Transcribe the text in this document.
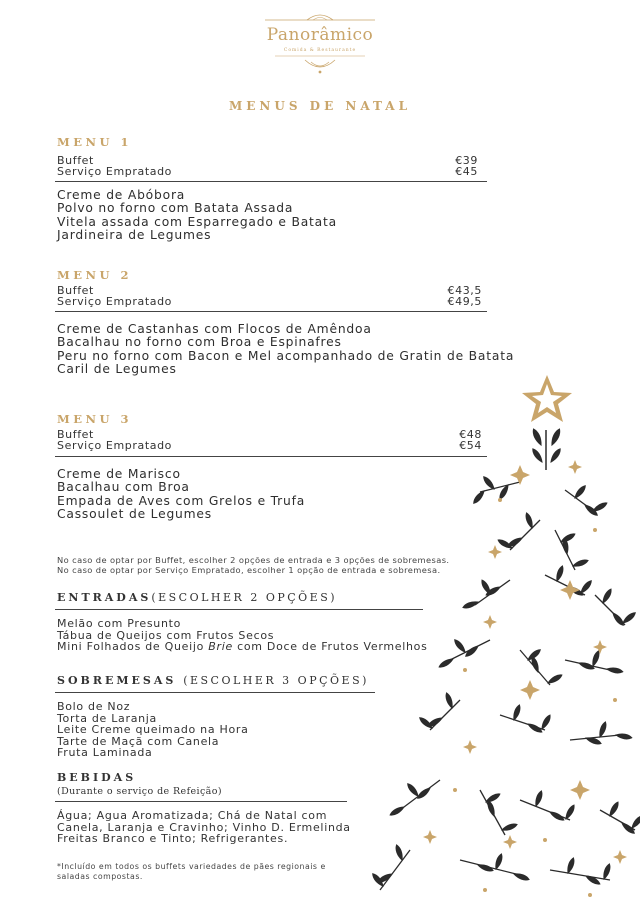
Panorâmico
Comida & Restaurante
MENUS DE NATAL
MENU 1
Buffet	€39
Serviço Empratado	€45
Creme de Abóbora
Polvo no forno com Batata Assada
Vitela assada com Esparregado e Batata
Jardineira de Legumes
MENU 2
Buffet	€43,5
Serviço Empratado	€49,5
Creme de Castanhas com Flocos de Amêndoa
Bacalhau no forno com Broa e Espinafres
Peru no forno com Bacon e Mel acompanhado de Gratin de Batata
Caril de Legumes
MENU 3
Buffet	€48
Serviço Empratado	€54
Creme de Marisco
Bacalhau com Broa
Empada de Aves com Grelos e Trufa
Cassoulet de Legumes
No caso de optar por Buffet, escolher 2 opções de entrada e 3 opções de sobremesas.
No caso de optar por Serviço Empratado, escolher 1 opção de entrada e sobremesa.
ENTRADAS(ESCOLHER 2 OPÇÕES)
Melão com Presunto
Tábua de Queijos com Frutos Secos
Mini Folhados de Queijo Brie com Doce de Frutos Vermelhos
SOBREMESAS (ESCOLHER 3 OPÇÕES)
Bolo de Noz
Torta de Laranja
Leite Creme queimado na Hora
Tarte de Maçã com Canela
Fruta Laminada
BEBIDAS
(Durante o serviço de Refeição)
Água; Agua Aromatizada; Chá de Natal com
Canela, Laranja e Cravinho; Vinho D. Ermelinda
Freitas Branco e Tinto; Refrigerantes.
*Incluído em todos os buffets variedades de pães regionais e
saladas compostas.
